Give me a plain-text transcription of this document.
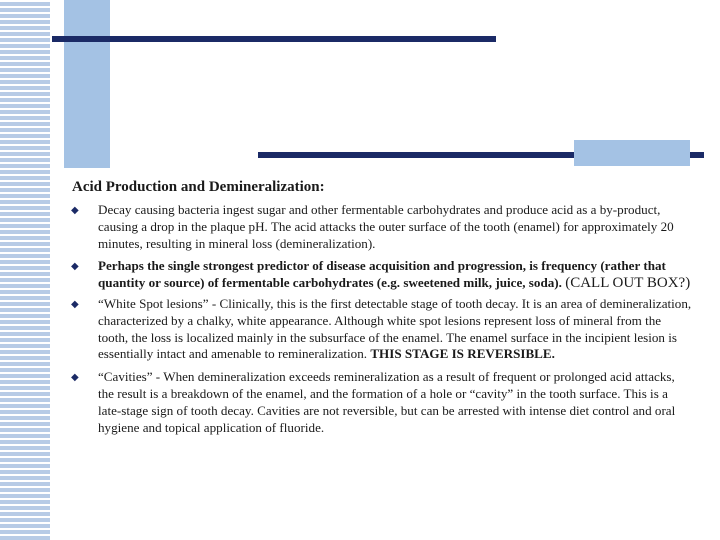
Acid Production and Demineralization:
◆ Decay causing bacteria ingest sugar and other fermentable carbohydrates and produce acid as a by-product, causing a drop in the plaque pH. The acid attacks the outer surface of the tooth (enamel) for approximately 20 minutes, resulting in mineral loss (demineralization).
◆ Perhaps the single strongest predictor of disease acquisition and progression, is frequency (rather that quantity or source) of fermentable carbohydrates (e.g. sweetened milk, juice, soda). (CALL OUT BOX?)
◆ “White Spot lesions” - Clinically, this is the first detectable stage of tooth decay. It is an area of demineralization, characterized by a chalky, white appearance. Although white spot lesions represent loss of mineral from the tooth, the loss is localized mainly in the subsurface of the enamel. The enamel surface in the incipient lesion is essentially intact and amenable to remineralization. THIS STAGE IS REVERSIBLE.
◆ “Cavities” - When demineralization exceeds remineralization as a result of frequent or prolonged acid attacks, the result is a breakdown of the enamel, and the formation of a hole or “cavity” in the tooth surface. This is a late-stage sign of tooth decay. Cavities are not reversible, but can be arrested with intense diet control and oral hygiene and topical application of fluoride.
